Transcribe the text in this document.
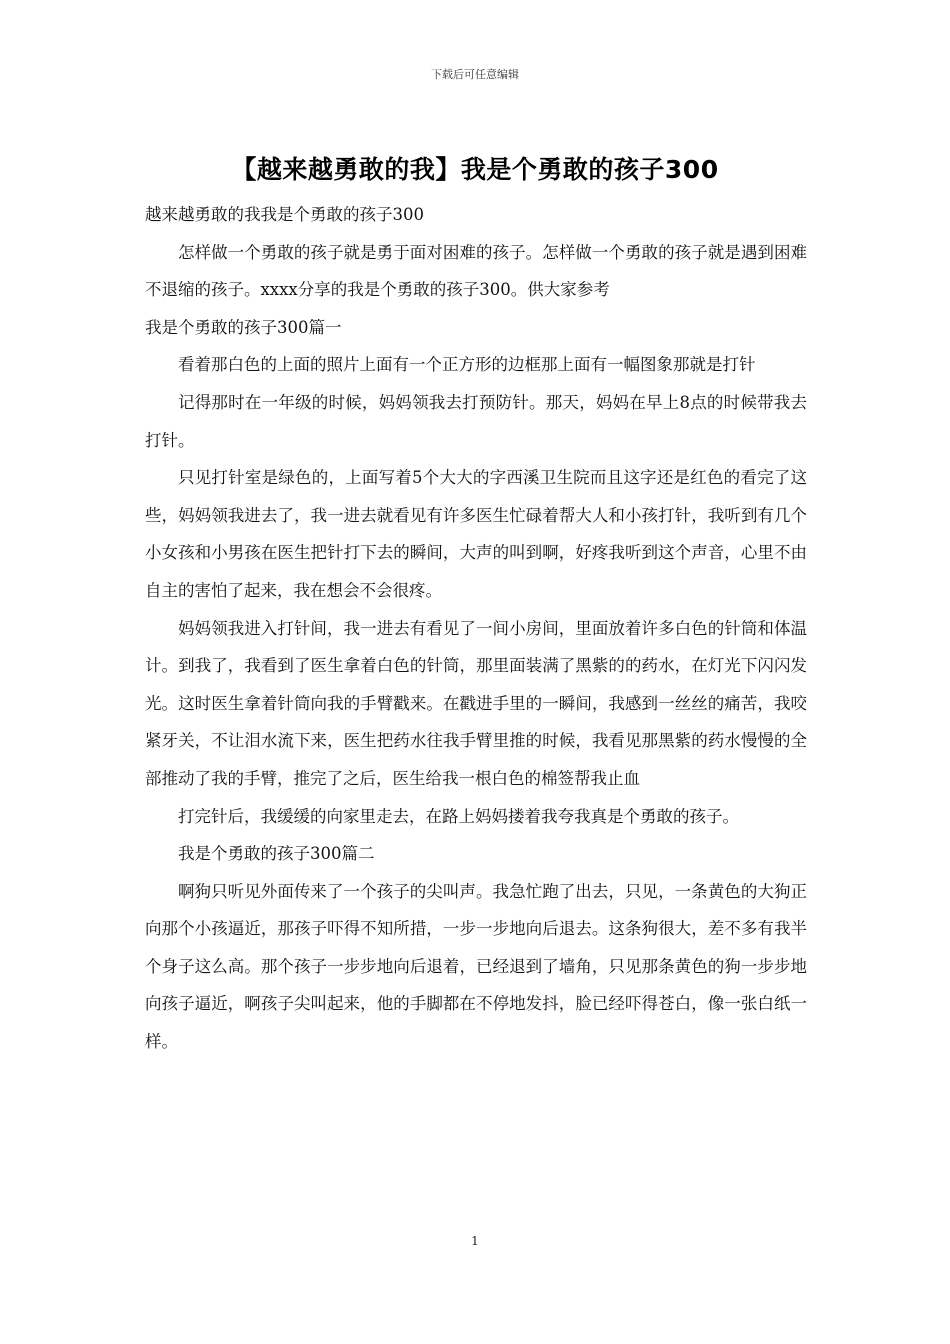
下载后可任意编辑
【越来越勇敢的我】我是个勇敢的孩子300

越来越勇敢的我我是个勇敢的孩子300

怎样做一个勇敢的孩子就是勇于面对困难的孩子。怎样做一个勇敢的孩子就是遇到困难不退缩的孩子。xxxx分享的我是个勇敢的孩子300。供大家参考

我是个勇敢的孩子300篇一

看着那白色的上面的照片上面有一个正方形的边框那上面有一幅图象那就是打针

记得那时在一年级的时候，妈妈领我去打预防针。那天，妈妈在早上8点的时候带我去打针。

只见打针室是绿色的，上面写着5个大大的字西溪卫生院而且这字还是红色的看完了这些，妈妈领我进去了，我一进去就看见有许多医生忙碌着帮大人和小孩打针，我听到有几个小女孩和小男孩在医生把针打下去的瞬间，大声的叫到啊，好疼我听到这个声音，心里不由自主的害怕了起来，我在想会不会很疼。

妈妈领我进入打针间，我一进去有看见了一间小房间，里面放着许多白色的针筒和体温计。到我了，我看到了医生拿着白色的针筒，那里面装满了黑紫的的药水，在灯光下闪闪发光。这时医生拿着针筒向我的手臂戳来。在戳进手里的一瞬间，我感到一丝丝的痛苦，我咬紧牙关，不让泪水流下来，医生把药水往我手臂里推的时候，我看见那黑紫的药水慢慢的全部推动了我的手臂，推完了之后，医生给我一根白色的棉签帮我止血

打完针后，我缓缓的向家里走去，在路上妈妈搂着我夸我真是个勇敢的孩子。

我是个勇敢的孩子300篇二

啊狗只听见外面传来了一个孩子的尖叫声。我急忙跑了出去，只见，一条黄色的大狗正向那个小孩逼近，那孩子吓得不知所措，一步一步地向后退去。这条狗很大，差不多有我半个身子这么高。那个孩子一步步地向后退着，已经退到了墙角，只见那条黄色的狗一步步地向孩子逼近，啊孩子尖叫起来，他的手脚都在不停地发抖，脸已经吓得苍白，像一张白纸一样。

1
